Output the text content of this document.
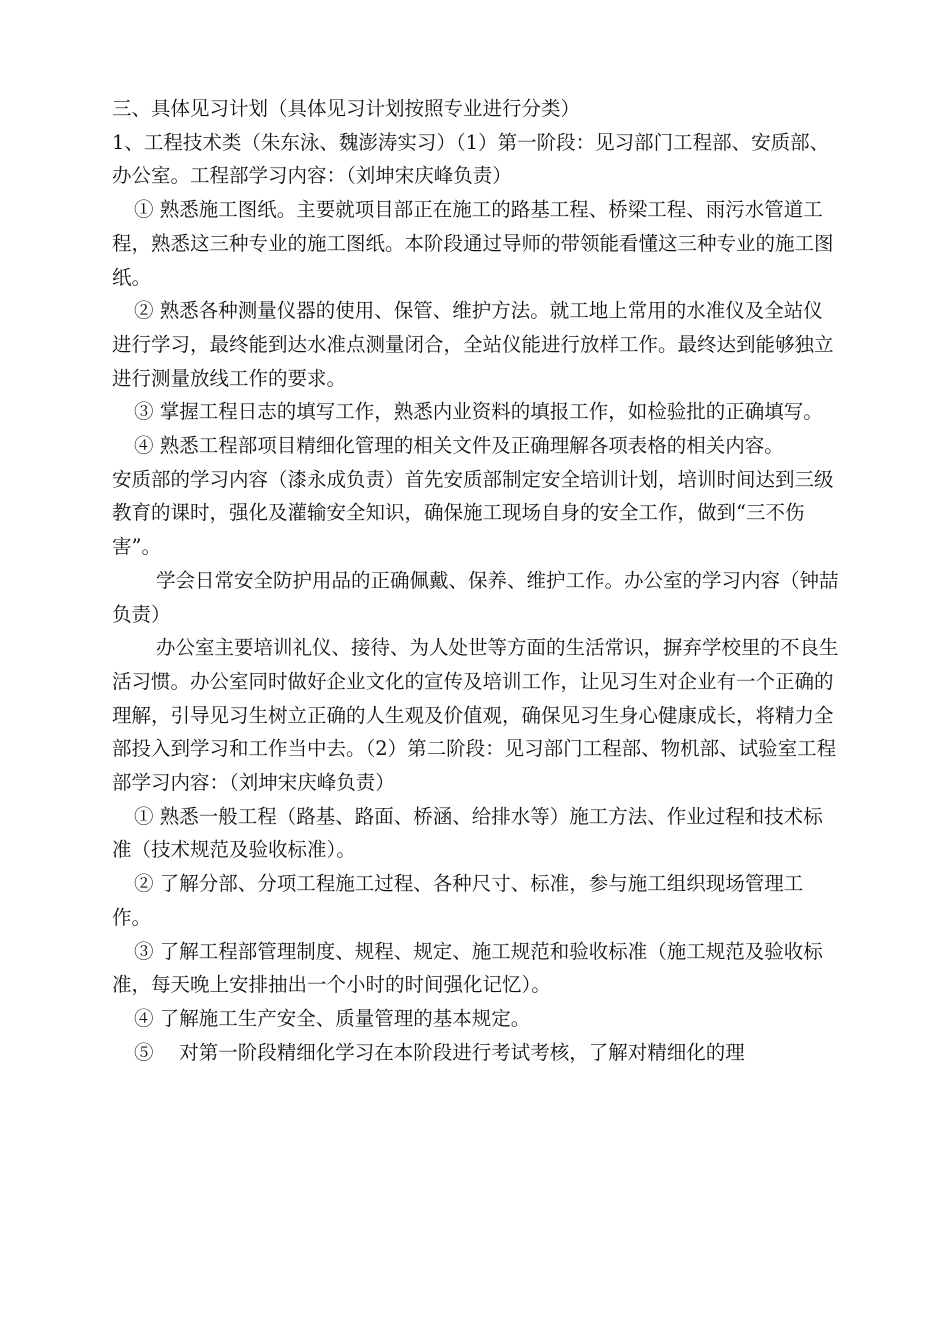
三、具体见习计划（具体见习计划按照专业进行分类）

1、工程技术类（朱东泳、魏澎涛实习）（1）第一阶段：见习部门工程部、安质部、办公室。工程部学习内容：（刘坤宋庆峰负责）

① 熟悉施工图纸。主要就项目部正在施工的路基工程、桥梁工程、雨污水管道工程，熟悉这三种专业的施工图纸。本阶段通过导师的带领能看懂这三种专业的施工图纸。

② 熟悉各种测量仪器的使用、保管、维护方法。就工地上常用的水准仪及全站仪进行学习，最终能到达水准点测量闭合，全站仪能进行放样工作。最终达到能够独立进行测量放线工作的要求。

③ 掌握工程日志的填写工作，熟悉内业资料的填报工作，如检验批的正确填写。

④ 熟悉工程部项目精细化管理的相关文件及正确理解各项表格的相关内容。

安质部的学习内容（漆永成负责）首先安质部制定安全培训计划，培训时间达到三级教育的课时，强化及灌输安全知识，确保施工现场自身的安全工作，做到“三不伤害”。

学会日常安全防护用品的正确佩戴、保养、维护工作。办公室的学习内容（钟喆负责）

办公室主要培训礼仪、接待、为人处世等方面的生活常识，摒弃学校里的不良生活习惯。办公室同时做好企业文化的宣传及培训工作，让见习生对企业有一个正确的理解，引导见习生树立正确的人生观及价值观，确保见习生身心健康成长，将精力全部投入到学习和工作当中去。（2）第二阶段：见习部门工程部、物机部、试验室工程部学习内容：（刘坤宋庆峰负责）

① 熟悉一般工程（路基、路面、桥涵、给排水等）施工方法、作业过程和技术标准（技术规范及验收标准）。

② 了解分部、分项工程施工过程、各种尺寸、标准，参与施工组织现场管理工作。

③ 了解工程部管理制度、规程、规定、施工规范和验收标准（施工规范及验收标准，每天晚上安排抽出一个小时的时间强化记忆）。

④ 了解施工生产安全、质量管理的基本规定。

⑤　 对第一阶段精细化学习在本阶段进行考试考核，了解对精细化的理
